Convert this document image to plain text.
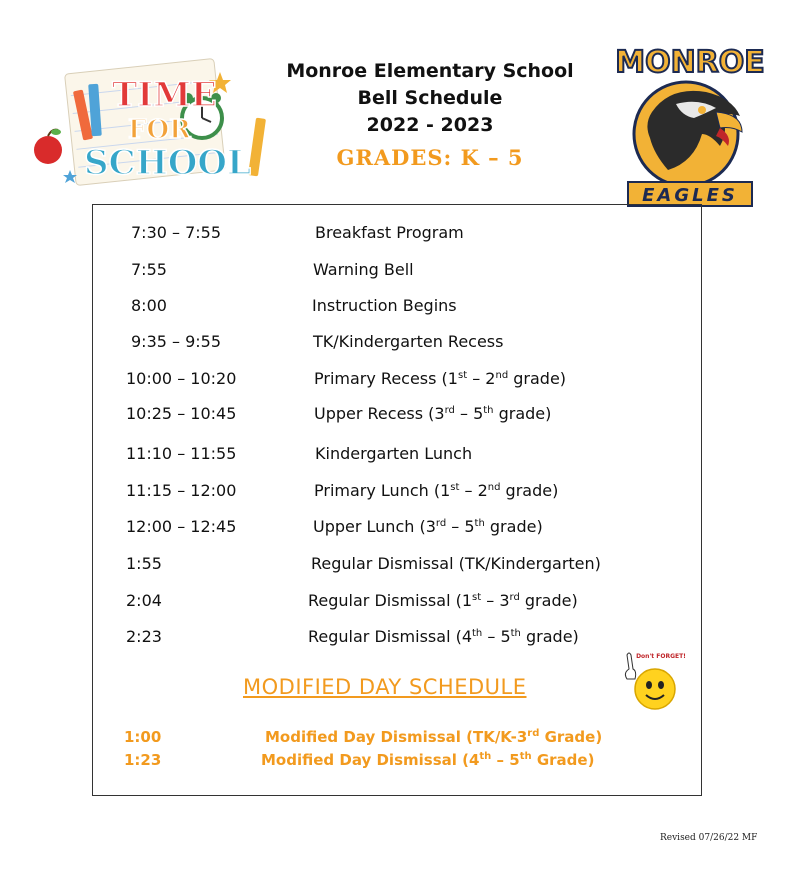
TIME
FOR
SCHOOL
Monroe Elementary School
Bell Schedule
2022 - 2023
GRADES: K – 5
MONROE
EAGLES
7:30 – 7:55	Breakfast Program
7:55	Warning Bell
8:00	Instruction Begins
9:35 – 9:55	TK/Kindergarten Recess
10:00 – 10:20	Primary Recess (1st – 2nd grade)
10:25 – 10:45	Upper Recess (3rd – 5th grade)
11:10 – 11:55	Kindergarten Lunch
11:15 – 12:00	Primary Lunch (1st – 2nd grade)
12:00 – 12:45	Upper Lunch (3rd – 5th grade)
1:55	Regular Dismissal (TK/Kindergarten)
2:04	Regular Dismissal (1st – 3rd grade)
2:23	Regular Dismissal (4th – 5th grade)
MODIFIED DAY SCHEDULE
Don't FORGET!
1:00	Modified Day Dismissal (TK/K-3rd Grade)
1:23	Modified Day Dismissal (4th – 5th Grade)
Revised 07/26/22 MF
